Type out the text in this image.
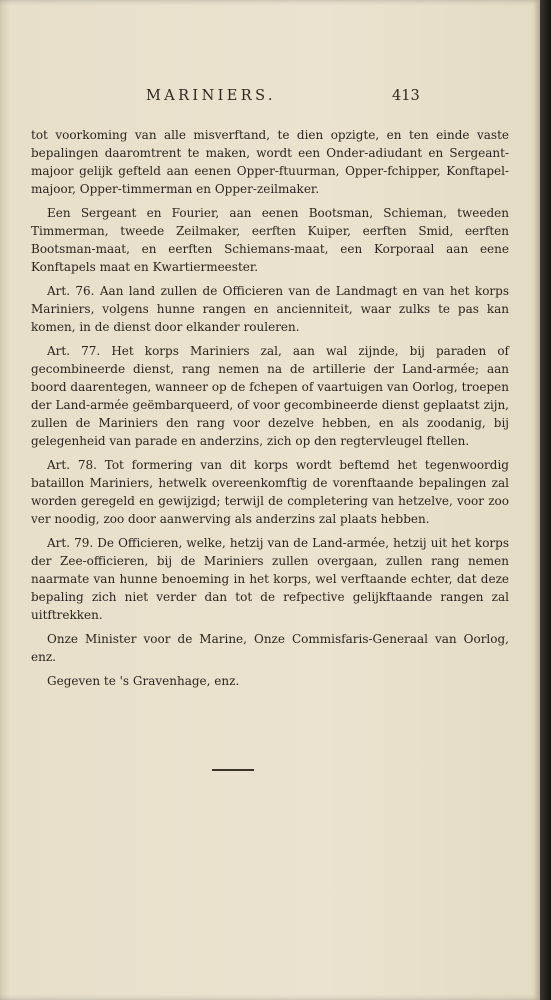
MARINIERS.	413

tot voorkoming van alle misverftand, te dien opzigte, en ten einde vaste bepalingen daaromtrent te maken, wordt een Onder-adiudant en Sergeant-majoor gelijk gefteld aan eenen Opper-ftuurman, Opper-fchipper, Konftapel-majoor, Opper-timmerman en Opper-zeilmaker.

Een Sergeant en Fourier, aan eenen Bootsman, Schieman, tweeden Timmerman, tweede Zeilmaker, eerften Kuiper, eerften Smid, eerften Bootsman-maat, en eerften Schiemans-maat, een Korporaal aan eene Konftapels maat en Kwartiermeester.

Art. 76. Aan land zullen de Officieren van de Landmagt en van het korps Mariniers, volgens hunne rangen en ancienniteit, waar zulks te pas kan komen, in de dienst door elkander rouleren.

Art. 77. Het korps Mariniers zal, aan wal zijnde, bij paraden of gecombineerde dienst, rang nemen na de artillerie der Land-armée; aan boord daarentegen, wanneer op de fchepen of vaartuigen van Oorlog, troepen der Land-armée geëmbarqueerd, of voor gecombineerde dienst geplaatst zijn, zullen de Mariniers den rang voor dezelve hebben, en als zoodanig, bij gelegenheid van parade en anderzins, zich op den regtervleugel ftellen.

Art. 78. Tot formering van dit korps wordt beftemd het tegenwoordig bataillon Mariniers, hetwelk overeenkomftig de vorenftaande bepalingen zal worden geregeld en gewijzigd; terwijl de completering van hetzelve, voor zoo ver noodig, zoo door aanwerving als anderzins zal plaats hebben.

Art. 79. De Officieren, welke, hetzij van de Land-armée, hetzij uit het korps der Zee-officieren, bij de Mariniers zullen overgaan, zullen rang nemen naarmate van hunne benoeming in het korps, wel verftaande echter, dat deze bepaling zich niet verder dan tot de refpective gelijkftaande rangen zal uitftrekken.

Onze Minister voor de Marine, Onze Commisfaris-Generaal van Oorlog, enz.

Gegeven te 's Gravenhage, enz.
